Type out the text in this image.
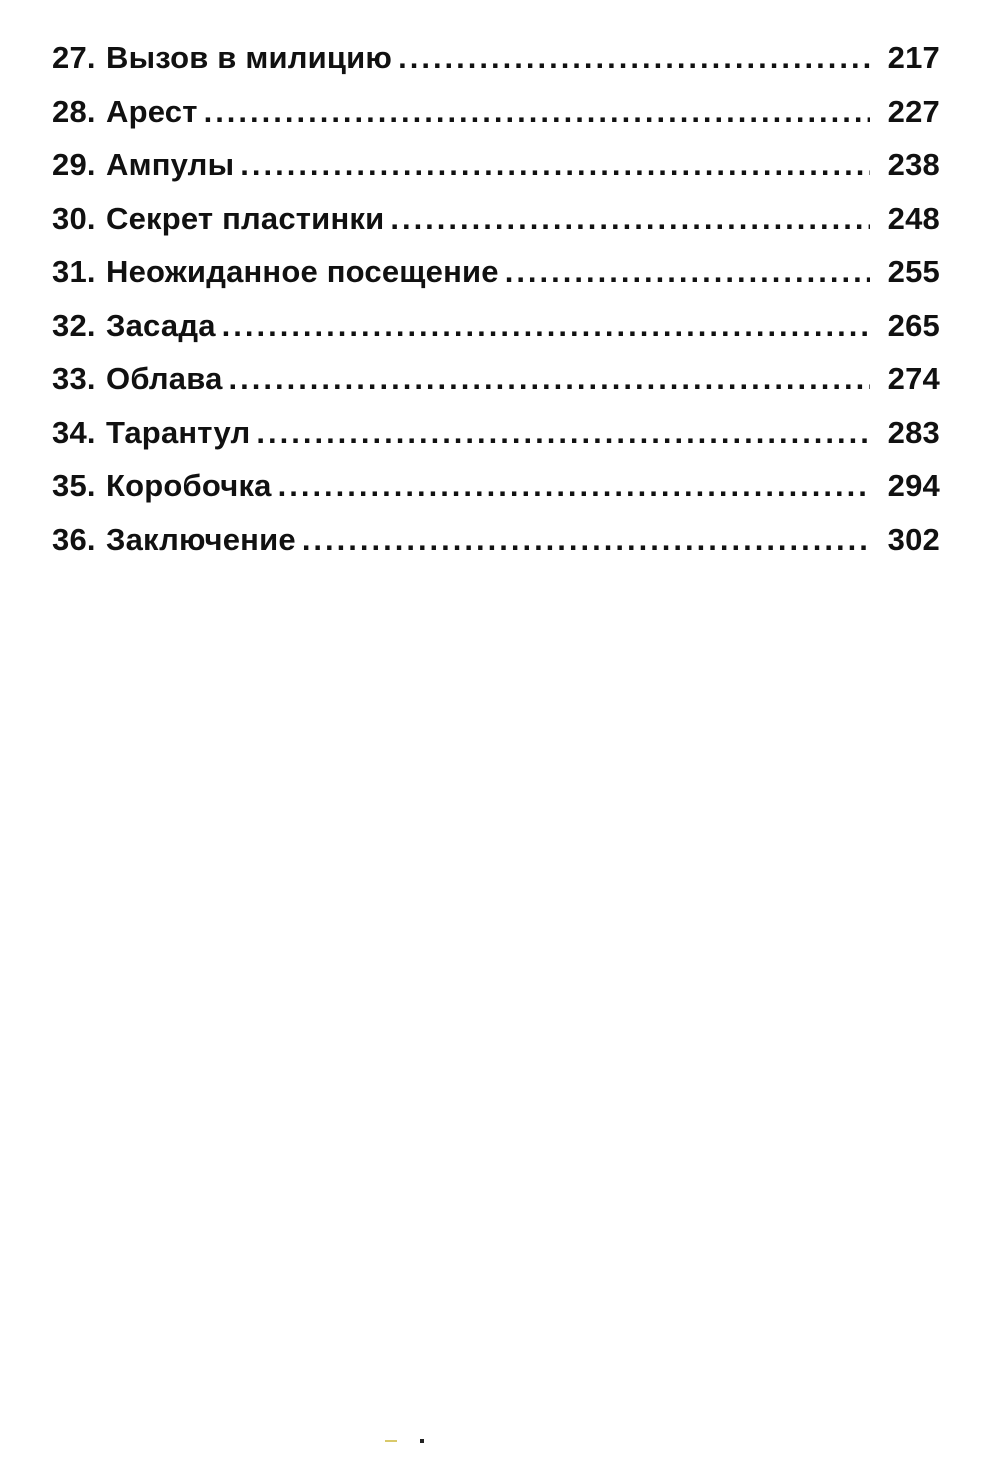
27. Вызов в милицию .....	217
28. Арест .....	227
29. Ампулы .....	238
30. Секрет пластинки .....	248
31. Неожиданное посещение .....	255
32. Засада .....	265
33. Облава .....	274
34. Тарантул .....	283
35. Коробочка .....	294
36. Заключение .....	302
